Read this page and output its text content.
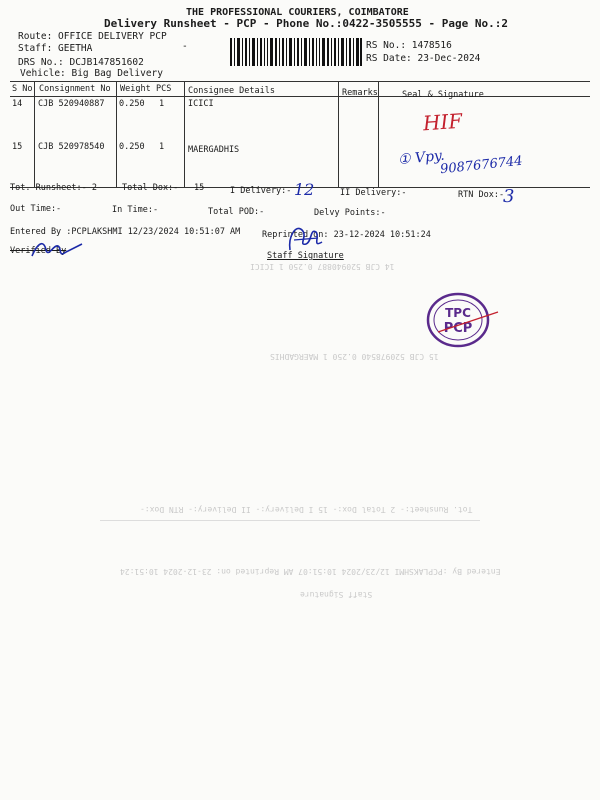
THE PROFESSIONAL COURIERS, COIMBATORE
Delivery Runsheet - PCP - Phone No.:0422-3505555 - Page No.:2
Route: OFFICE DELIVERY PCP
Staff: GEETHA	-
DRS No.: DCJB147851602
Vehicle: Big Bag Delivery
RS No.: 1478516
RS Date: 23-Dec-2024
S No Consignment No Weight PCS Consignee Details	Remarks	Seal & Signature
14 CJB 520940887 0.250 1	ICICI
15 CJB 520978540 0.250 1	MAERGADHIS
HIF
① Vpy.
9087676744
Tot. Runsheet:- 2	Total Dox:- 15	I Delivery:- 12	II Delivery:-	RTN Dox:-
3
Out Time:-	In Time:-	Total POD:-	Delvy Points:-
Entered By :PCPLAKSHMI 12/23/2024 10:51:07 AM	Reprinted on: 23-12-2024 10:51:24
Verified By	Staff Signature
TPC
PCP
14 CJB 520940887 0.250 1 ICICI
15 CJB 520978540 0.250 1 MAERGADHIS
Tot. Runsheet:- 2 Total Dox:- 15 I Delivery:- II Delivery:- RTN Dox:-
Entered By :PCPLAKSHMI 12/23/2024 10:51:07 AM Reprinted on: 23-12-2024 10:51:24
Staff Signature
